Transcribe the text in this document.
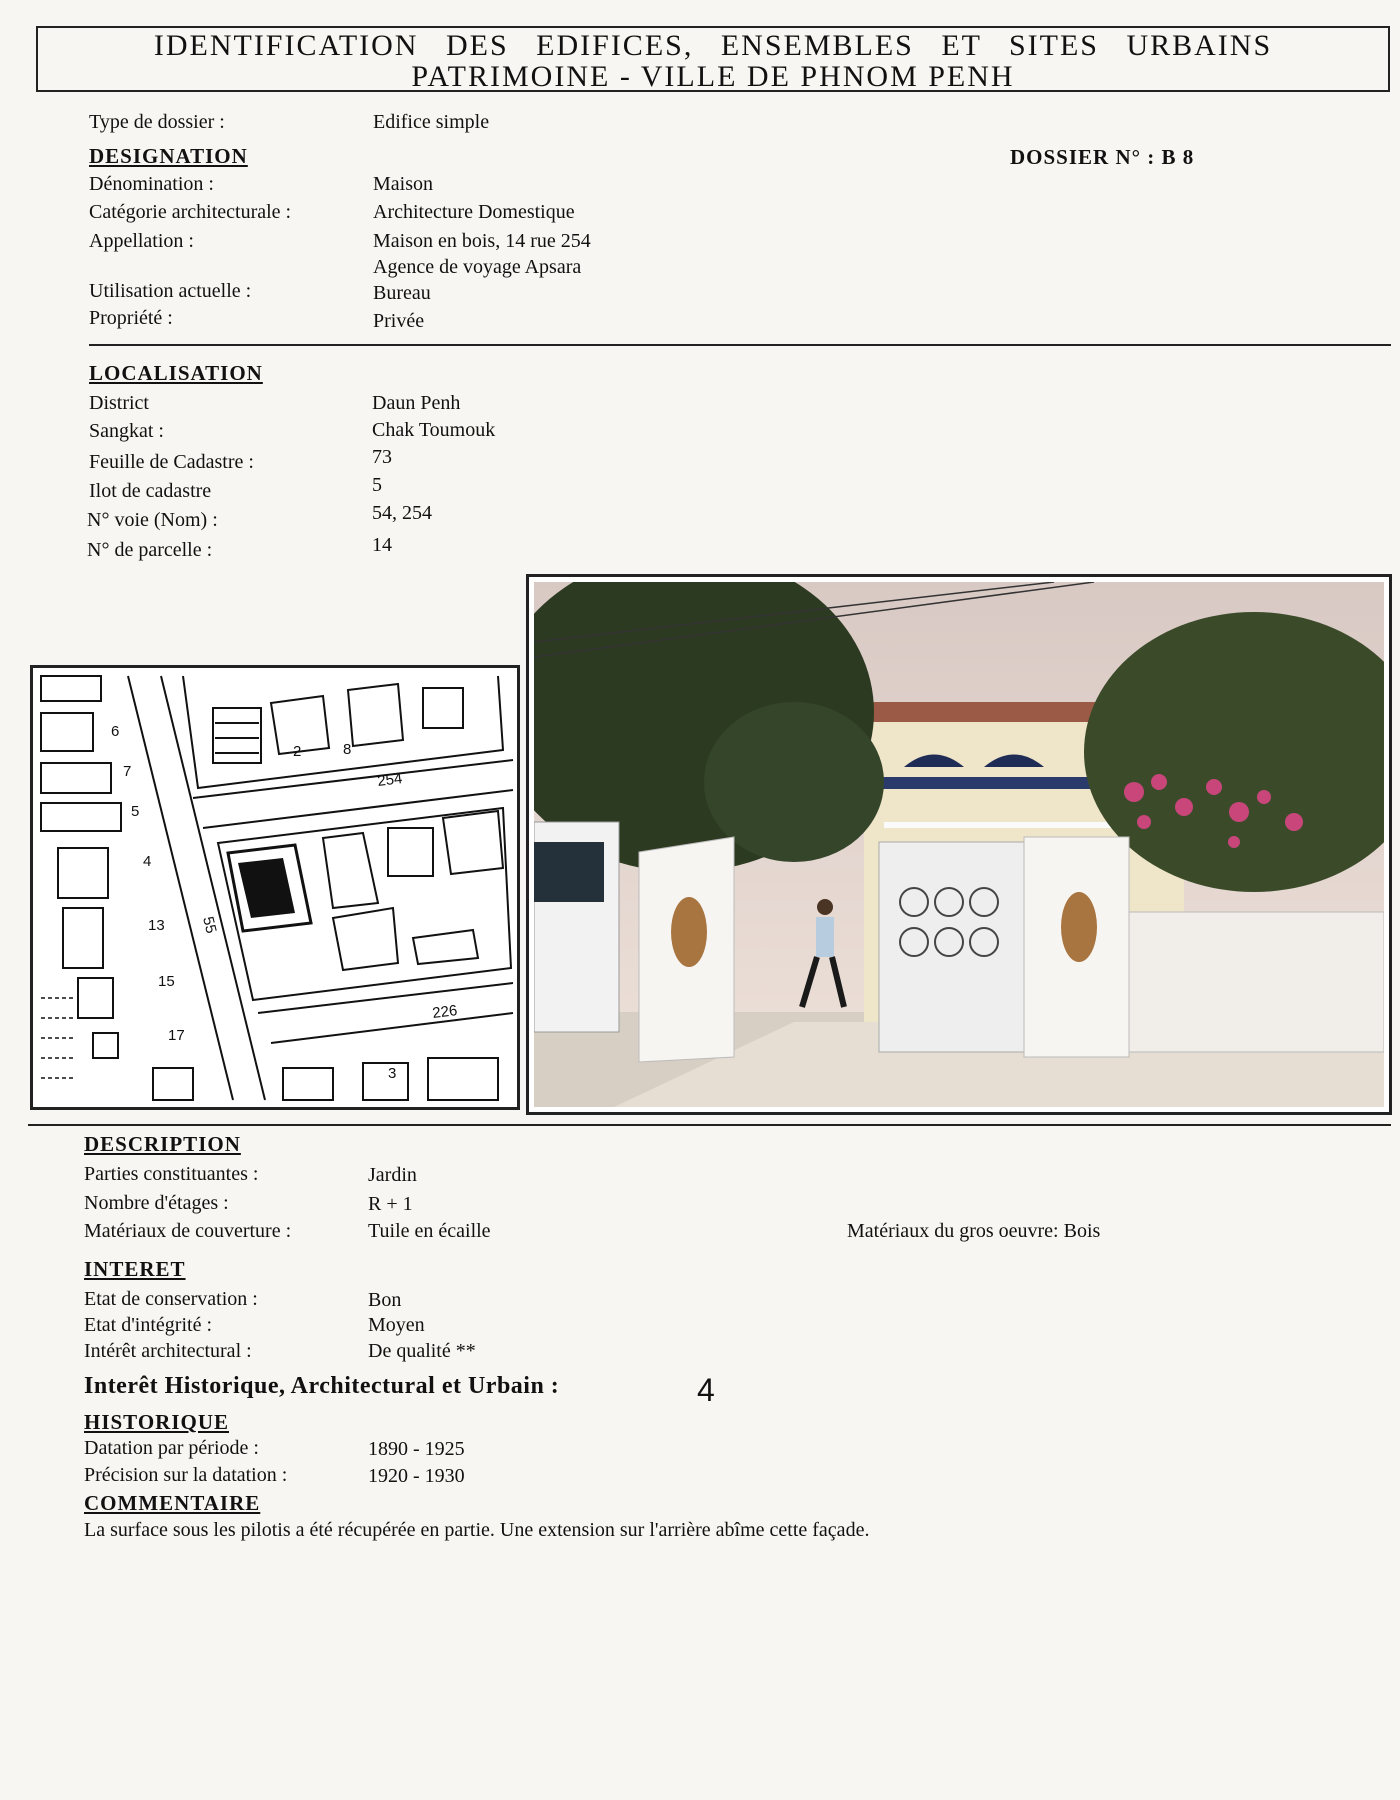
IDENTIFICATION DES EDIFICES, ENSEMBLES ET SITES URBAINS
PATRIMOINE - VILLE DE PHNOM PENH
Type de dossier :	Edifice simple
DESIGNATION	DOSSIER N° : B 8
Dénomination :	Maison
Catégorie architecturale :	Architecture Domestique
Appellation :	Maison en bois, 14 rue 254
Agence de voyage Apsara
Utilisation actuelle :	Bureau
Propriété :	Privée
LOCALISATION
District	Daun Penh
Sangkat :	Chak Toumouk
Feuille de Cadastre :	73
Ilot de cadastre	5
N° voie (Nom) :	54, 254
N° de parcelle :	14
254
55
226
6
7
5
4
13
15
17
3
2	8
DESCRIPTION
Parties constituantes :	Jardin
Nombre d'étages :	R + 1
Matériaux de couverture :	Tuile en écaille	Matériaux du gros oeuvre: Bois
INTERET
Etat de conservation :	Bon
Etat d'intégrité :	Moyen
Intérêt architectural :	De qualité **
Interêt Historique, Architectural et Urbain :	4
HISTORIQUE
Datation par période :	1890 - 1925
Précision sur la datation :	1920 - 1930
COMMENTAIRE
La surface sous les pilotis a été récupérée en partie. Une extension sur l'arrière abîme cette façade.
